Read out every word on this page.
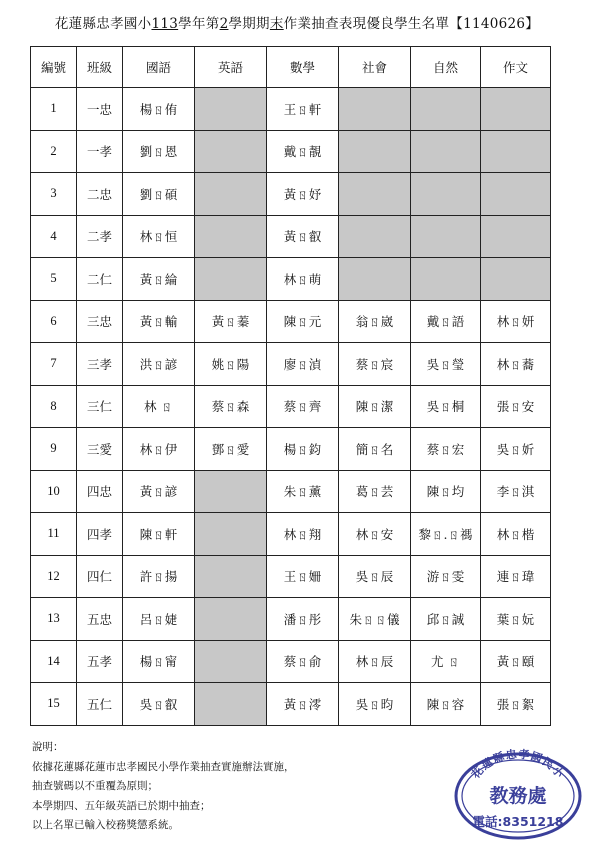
花蓮縣忠孝國小113學年第2學期期末作業抽查表現優良學生名單【1140626】
編號	班級	國語	英語	數學	社會	自然	作文
1	一忠	楊ㄖ侑		王ㄖ軒			
2	一孝	劉ㄖ恩		戴ㄖ靚			
3	二忠	劉ㄖ碩		黃ㄖ妤			
4	二孝	林ㄖ恒		黃ㄖ叡			
5	二仁	黃ㄖ綸		林ㄖ萌			
6	三忠	黃ㄖ輸	黃ㄖ蓁	陳ㄖ元	翁ㄖ崴	戴ㄖ語	林ㄖ妍
7	三孝	洪ㄖ諺	姚ㄖ陽	廖ㄖ湞	蔡ㄖ宸	吳ㄖ瑩	林ㄖ蕎
8	三仁	林 ㄖ	蔡ㄖ森	蔡ㄖ齊	陳ㄖ潔	吳ㄖ桐	張ㄖ安
9	三愛	林ㄖ伊	鄧ㄖ愛	楊ㄖ鈞	簡ㄖ名	蔡ㄖ宏	吳ㄖ妡
10	四忠	黃ㄖ諺		朱ㄖ薰	葛ㄖ芸	陳ㄖ均	李ㄖ淇
11	四孝	陳ㄖ軒		林ㄖ翔	林ㄖ安	黎ㄖ.ㄖ禡	林ㄖ楷
12	四仁	許ㄖ揚		王ㄖ姍	吳ㄖ辰	游ㄖ雯	連ㄖ瑋
13	五忠	呂ㄖ婕		潘ㄖ彤	朱ㄖㄖ儀	邱ㄖ誠	葉ㄖ妧
14	五孝	楊ㄖ甯		蔡ㄖ俞	林ㄖ辰	尤 ㄖ	黃ㄖ頤
15	五仁	吳ㄖ叡		黃ㄖ澪	吳ㄖ昀	陳ㄖ容	張ㄖ絮
說明：
依據花蓮縣花蓮市忠孝國民小學作業抽查實施辦法實施，
抽查號碼以不重覆為原則；
本學期四、五年級英語已於期中抽查；
以上名單已輸入校務獎懲系統。
花蓮縣忠孝國民小
教務處
電話:8351218
